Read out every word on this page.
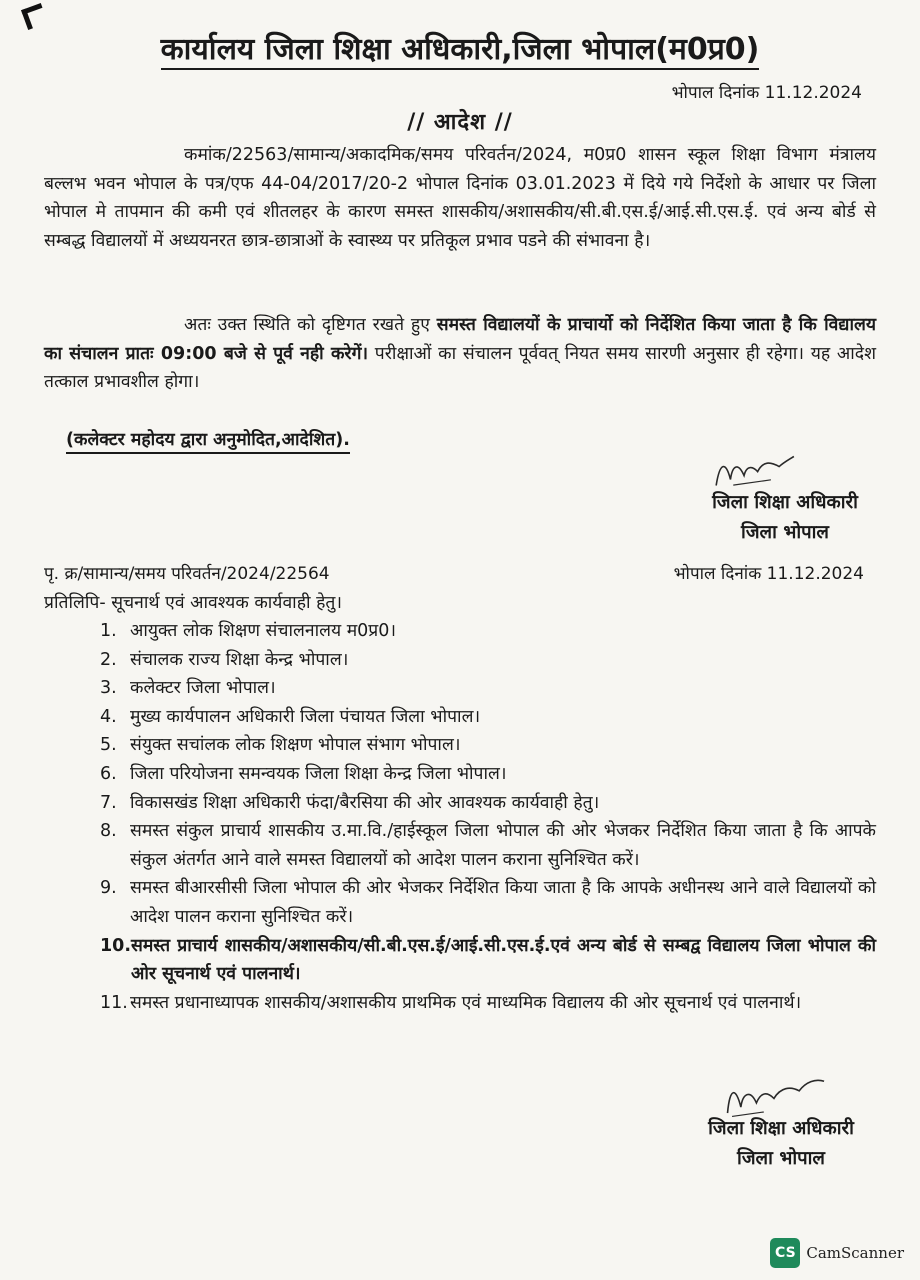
कार्यालय जिला शिक्षा अधिकारी,जिला भोपाल(म0प्र0)
भोपाल दिनांक 11.12.2024
// आदेश //
कमांक/22563/सामान्य/अकादमिक/समय परिवर्तन/2024, म0प्र0 शासन स्कूल शिक्षा विभाग मंत्रालय बल्लभ भवन भोपाल के पत्र/एफ 44-04/2017/20-2 भोपाल दिनांक 03.01.2023 में दिये गये निर्देशो के आधार पर जिला भोपाल मे तापमान की कमी एवं शीतलहर के कारण समस्त शासकीय/अशासकीय/सी.बी.एस.ई/आई.सी.एस.ई. एवं अन्य बोर्ड से सम्बद्ध विद्यालयों में अध्ययनरत छात्र-छात्राओं के स्वास्थ्य पर प्रतिकूल प्रभाव पडने की संभावना है।
अतः उक्त स्थिति को दृष्टिगत रखते हुए समस्त विद्यालयों के प्राचार्यो को निर्देशित किया जाता है कि विद्यालय का संचालन प्रातः 09:00 बजे से पूर्व नही करेगें। परीक्षाओं का संचालन पूर्ववत् नियत समय सारणी अनुसार ही रहेगा। यह आदेश तत्काल प्रभावशील होगा।
(कलेक्टर महोदय द्वारा अनुमोदित,आदेशित).
जिला शिक्षा अधिकारी
जिला भोपाल
पृ. क्र/सामान्य/समय परिवर्तन/2024/22564	भोपाल दिनांक 11.12.2024
प्रतिलिपि- सूचनार्थ एवं आवश्यक कार्यवाही हेतु।
1. आयुक्त लोक शिक्षण संचालनालय म0प्र0।
2. संचालक राज्य शिक्षा केन्द्र भोपाल।
3. कलेक्टर जिला भोपाल।
4. मुख्य कार्यपालन अधिकारी जिला पंचायत जिला भोपाल।
5. संयुक्त सचांलक लोक शिक्षण भोपाल संभाग भोपाल।
6. जिला परियोजना समन्वयक जिला शिक्षा केन्द्र जिला भोपाल।
7. विकासखंड शिक्षा अधिकारी फंदा/बैरसिया की ओर आवश्यक कार्यवाही हेतु।
8. समस्त संकुल प्राचार्य शासकीय उ.मा.वि./हाईस्कूल जिला भोपाल की ओर भेजकर निर्देशित किया जाता है कि आपके संकुल अंतर्गत आने वाले समस्त विद्यालयों को आदेश पालन कराना सुनिश्चित करें।
9. समस्त बीआरसीसी जिला भोपाल की ओर भेजकर निर्देशित किया जाता है कि आपके अधीनस्थ आने वाले विद्यालयों को आदेश पालन कराना सुनिश्चित करें।
10. समस्त प्राचार्य शासकीय/अशासकीय/सी.बी.एस.ई/आई.सी.एस.ई.एवं अन्य बोर्ड से सम्बद्व विद्यालय जिला भोपाल की ओर सूचनार्थ एवं पालनार्थ।
11. समस्त प्रधानाध्यापक शासकीय/अशासकीय प्राथमिक एवं माध्यमिक विद्यालय की ओर सूचनार्थ एवं पालनार्थ।
जिला शिक्षा अधिकारी
जिला भोपाल
CS CamScanner
